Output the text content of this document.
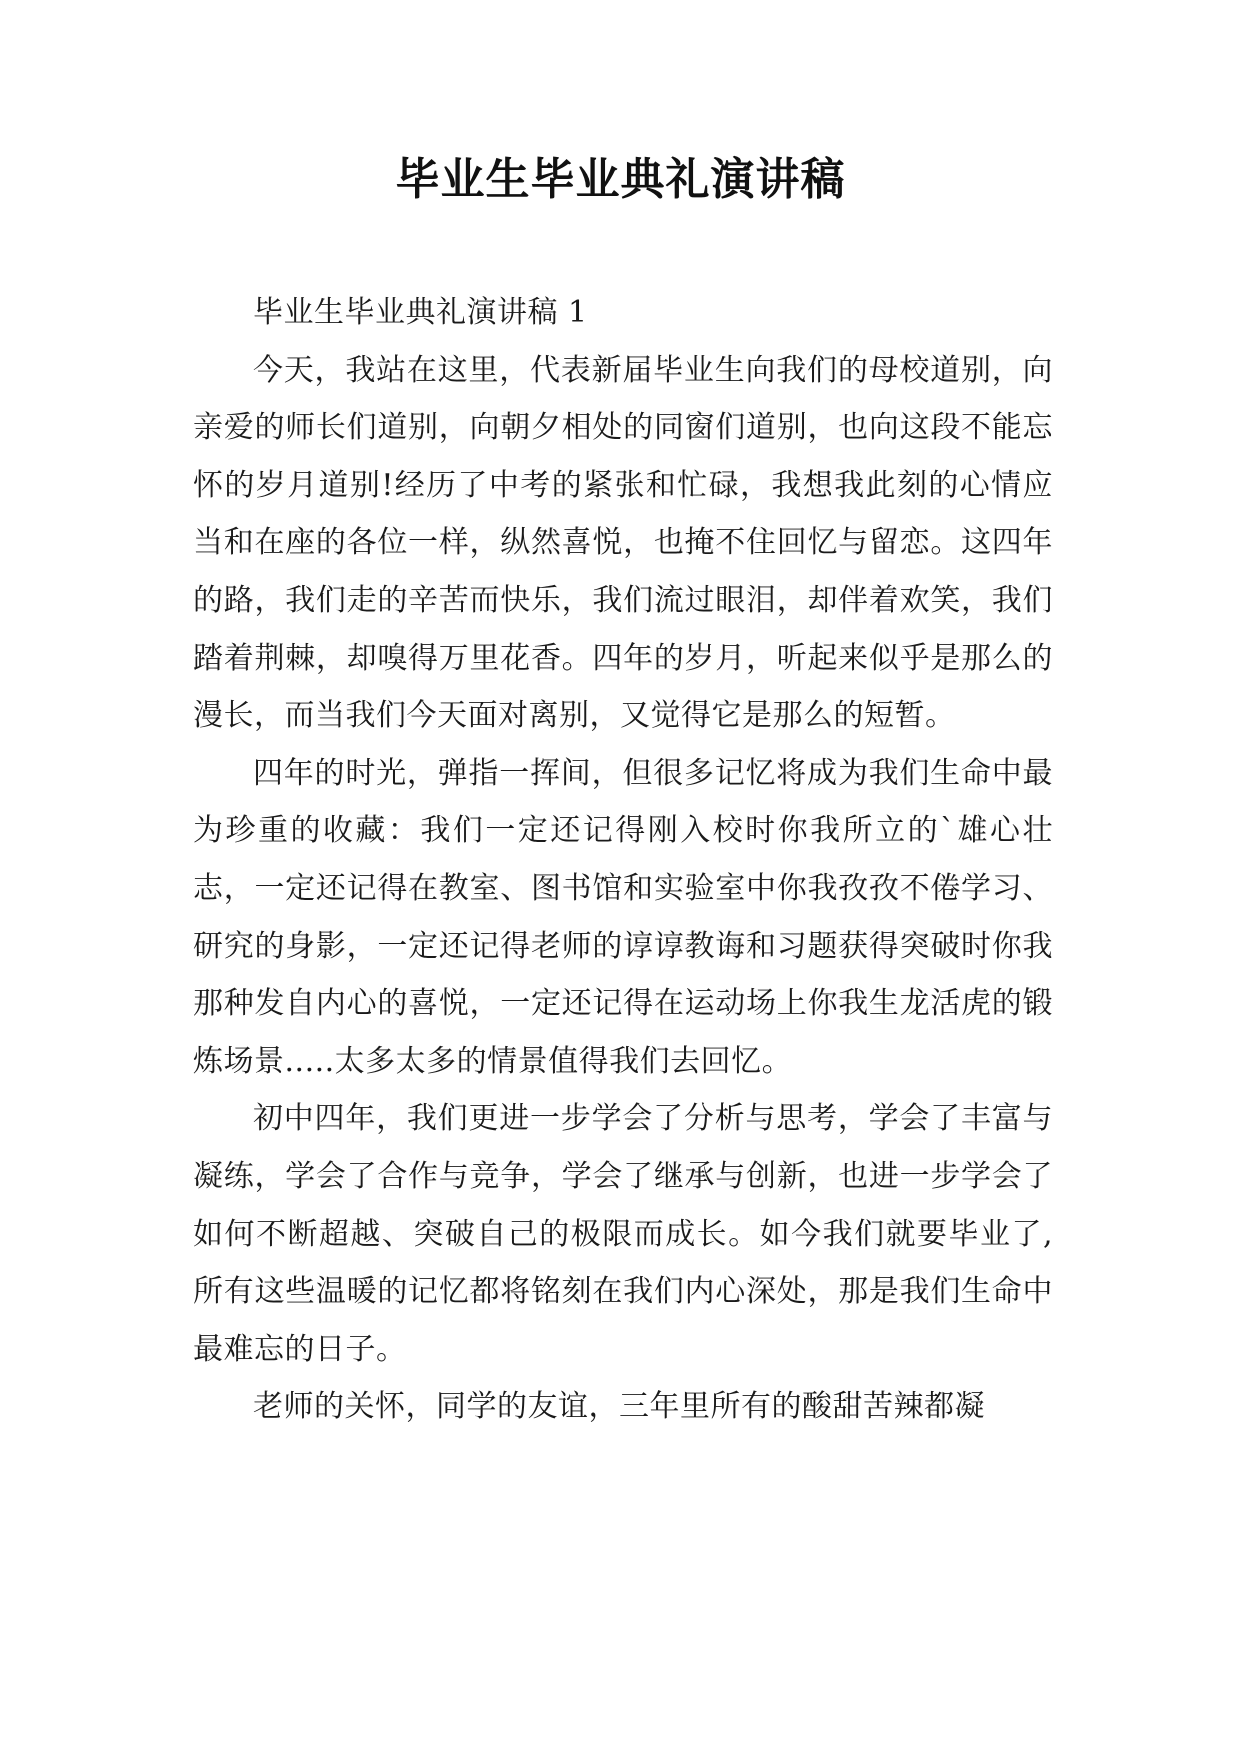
毕业生毕业典礼演讲稿

毕业生毕业典礼演讲稿 1

今天，我站在这里，代表新届毕业生向我们的母校道别，向亲爱的师长们道别，向朝夕相处的同窗们道别，也向这段不能忘怀的岁月道别!经历了中考的紧张和忙碌，我想我此刻的心情应当和在座的各位一样，纵然喜悦，也掩不住回忆与留恋。这四年的路，我们走的辛苦而快乐，我们流过眼泪，却伴着欢笑，我们踏着荆棘，却嗅得万里花香。四年的岁月，听起来似乎是那么的漫长，而当我们今天面对离别，又觉得它是那么的短暂。

四年的时光，弹指一挥间，但很多记忆将成为我们生命中最为珍重的收藏：我们一定还记得刚入校时你我所立的`雄心壮志，一定还记得在教室、图书馆和实验室中你我孜孜不倦学习、研究的身影，一定还记得老师的谆谆教诲和习题获得突破时你我那种发自内心的喜悦，一定还记得在运动场上你我生龙活虎的锻炼场景.....太多太多的情景值得我们去回忆。

初中四年，我们更进一步学会了分析与思考，学会了丰富与凝练，学会了合作与竞争，学会了继承与创新，也进一步学会了如何不断超越、突破自己的极限而成长。如今我们就要毕业了,所有这些温暖的记忆都将铭刻在我们内心深处，那是我们生命中最难忘的日子。

老师的关怀，同学的友谊，三年里所有的酸甜苦辣都凝
